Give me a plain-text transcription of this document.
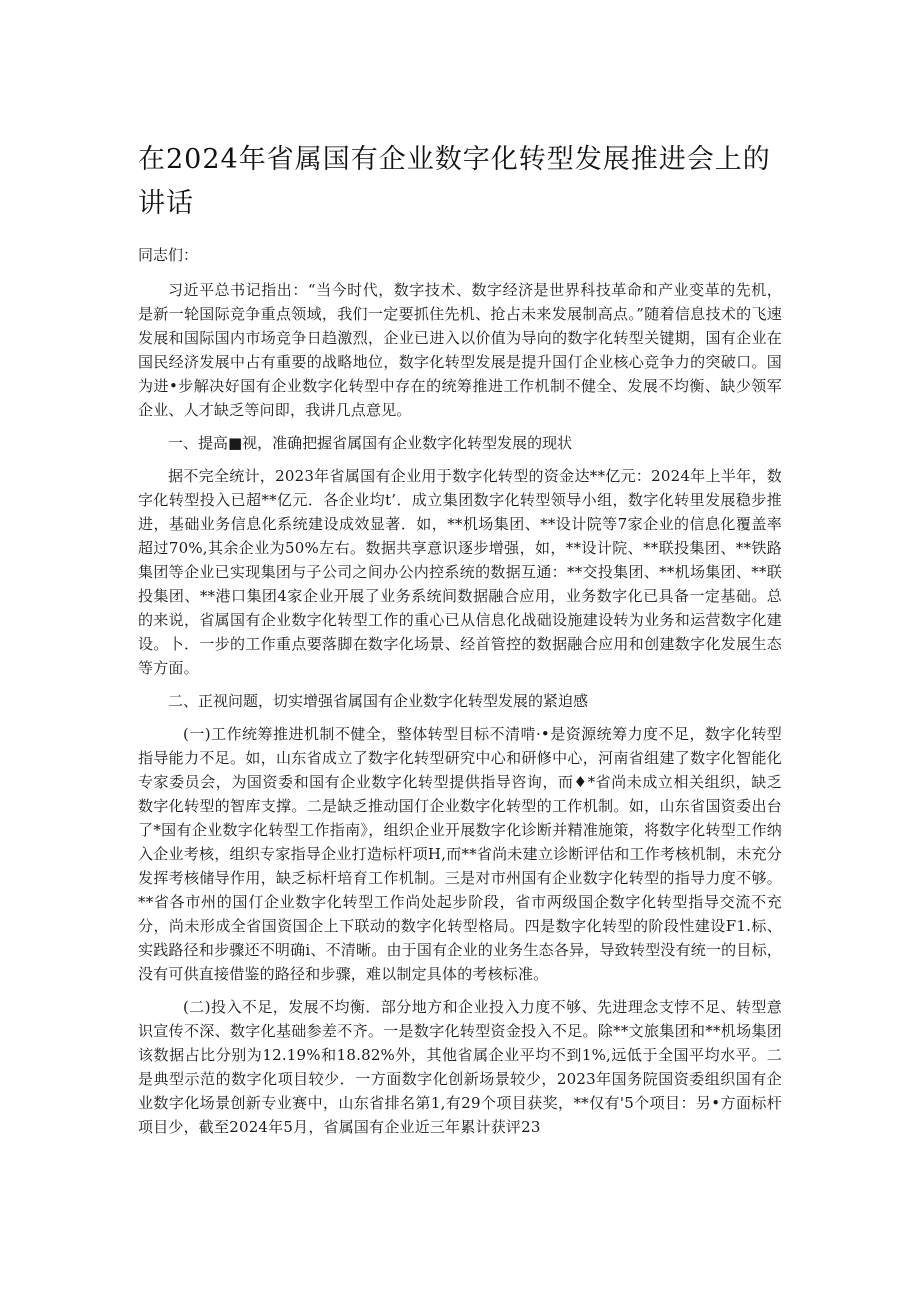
在2024年省属国有企业数字化转型发展推进会上的讲话

同志们：

习近平总书记指出：“当今时代，数字技术、数字经济是世界科技革命和产业变革的先机，是新一轮国际竞争重点领域，我们一定要抓住先机、抢占未来发展制高点。”随着信息技术的飞速发展和国际国内市场竞争日趋激烈，企业已进入以价值为导向的数字化转型关键期，国有企业在国民经济发展中占有重要的战略地位，数字化转型发展是提升国仃企业核心竞争力的突破口。国为进•步解决好国有企业数字化转型中存在的统筹推进工作机制不健全、发展不均衡、缺少领军企业、人才缺乏等问即，我讲几点意见。

一、提高■视，准确把握省属国有企业数字化转型发展的现状

据不完全统计，2023年省属国有企业用于数字化转型的资金达**亿元：2024年上半年，数字化转型投入已超**亿元．各企业均t’．成立集团数字化转型领导小组，数字化转里发展稳步推进，基础业务信息化系统建设成效显著．如，**机场集团、**设计院等7家企业的信息化覆盖率超过70%,其余企业为50%左右。数据共享意识逐步增强，如，**设计院、**联投集团、**铁路集团等企业已实现集团与子公司之间办公内控系统的数据互通：**交投集团、**机场集团、**联投集团、**港口集团4家企业开展了业务系统间数据融合应用，业务数字化已具备一定基础。总的来说，省属国有企业数字化转型工作的重心已从信息化战础设施建设转为业务和运营数字化建设。卜．一步的工作重点要落脚在数字化场景、经首管控的数据融合应用和创建数字化发展生态等方面。

二、正视问题，切实增强省属国有企业数字化转型发展的紧迫感

(一)工作统筹推进机制不健全，整体转型目标不清啃·•是资源统筹力度不足，数字化转型指导能力不足。如，山东省成立了数字化转型研究中心和研修中心，河南省组建了数字化智能化专家委员会，为国资委和国有企业数字化转型提供指导咨询，而♦*省尚未成立相关组织，缺乏数字化转型的智库支撑。二是缺乏推动国仃企业数字化转型的工作机制。如，山东省国资委出台了*国有企业数字化转型工作指南》，组织企业开展数字化诊断并精准施策，将数字化转型工作纳入企业考核，组织专家指导企业打造标杆项H,而**省尚未建立诊断评估和工作考核机制，未充分发挥考核储导作用，缺乏标杆培育工作机制。三是对市州国有企业数字化转型的指导力度不够。**省各市州的国仃企业数字化转型工作尚处起步阶段，省市两级国企数字化转型指导交流不充分，尚未形成全省国资国企上下联动的数字化转型格局。四是数字化转型的阶段性建设F1.标、实践路径和步骤还不明确i、不清晰。由于国有企业的业务生态各异，导致转型没有统一的目标，没有可供直接借鉴的路径和步骤，难以制定具体的考核标准。

(二)投入不足，发展不均衡．部分地方和企业投入力度不够、先进理念支悖不足、转型意识宣传不深、数字化基础参差不齐。一是数字化转型资金投入不足。除**文旅集团和**机场集团该数据占比分别为12.19%和18.82%外，其他省属企业平均不到1%,远低于全国平均水平。二是典型示范的数字化项目较少．一方面数字化创新场景较少，2023年国务院国资委组织国有企业数字化场景创新专业赛中，山东省排名第1,有29个项目获奖，**仅有'5个项目：另•方面标杆项目少，截至2024年5月，省属国有企业近三年累计获评23
